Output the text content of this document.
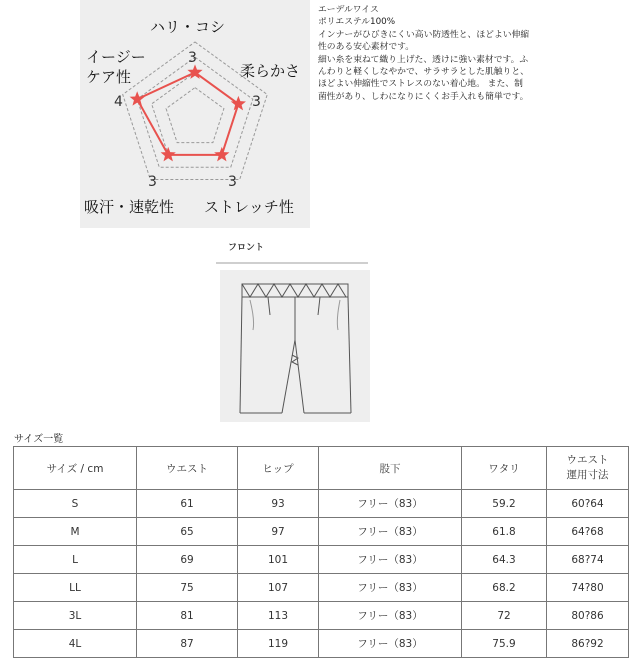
ハリ・コシ
柔らかさ
イージー
ケア性
吸汗・速乾性 ストレッチ性
3
3
4
3	3
エーデルワイス
ポリエステル100%
インナーがひびきにくい高い防透性と、ほどよい伸縮
性のある安心素材です。
細い糸を束ねて織り上げた、透けに強い素材です。ふ
んわりと軽くしなやかで、サラサラとした肌触りと、
ほどよい伸縮性でストレスのない着心地。 また、制
菌性があり、しわになりにくくお手入れも簡単です。
フロント
サイズ一覧
サイズ / cm	ウエスト	ヒップ	股下	ワタリ	ウエスト
運用寸法

S	61	93	フリー（83）	59.2	60?64
M	65	97	フリー（83）	61.8	64?68
L	69	101	フリー（83）	64.3	68?74
LL	75	107	フリー（83）	68.2	74?80
3L	81	113	フリー（83）	72	80?86
4L	87	119	フリー（83）	75.9	86?92
